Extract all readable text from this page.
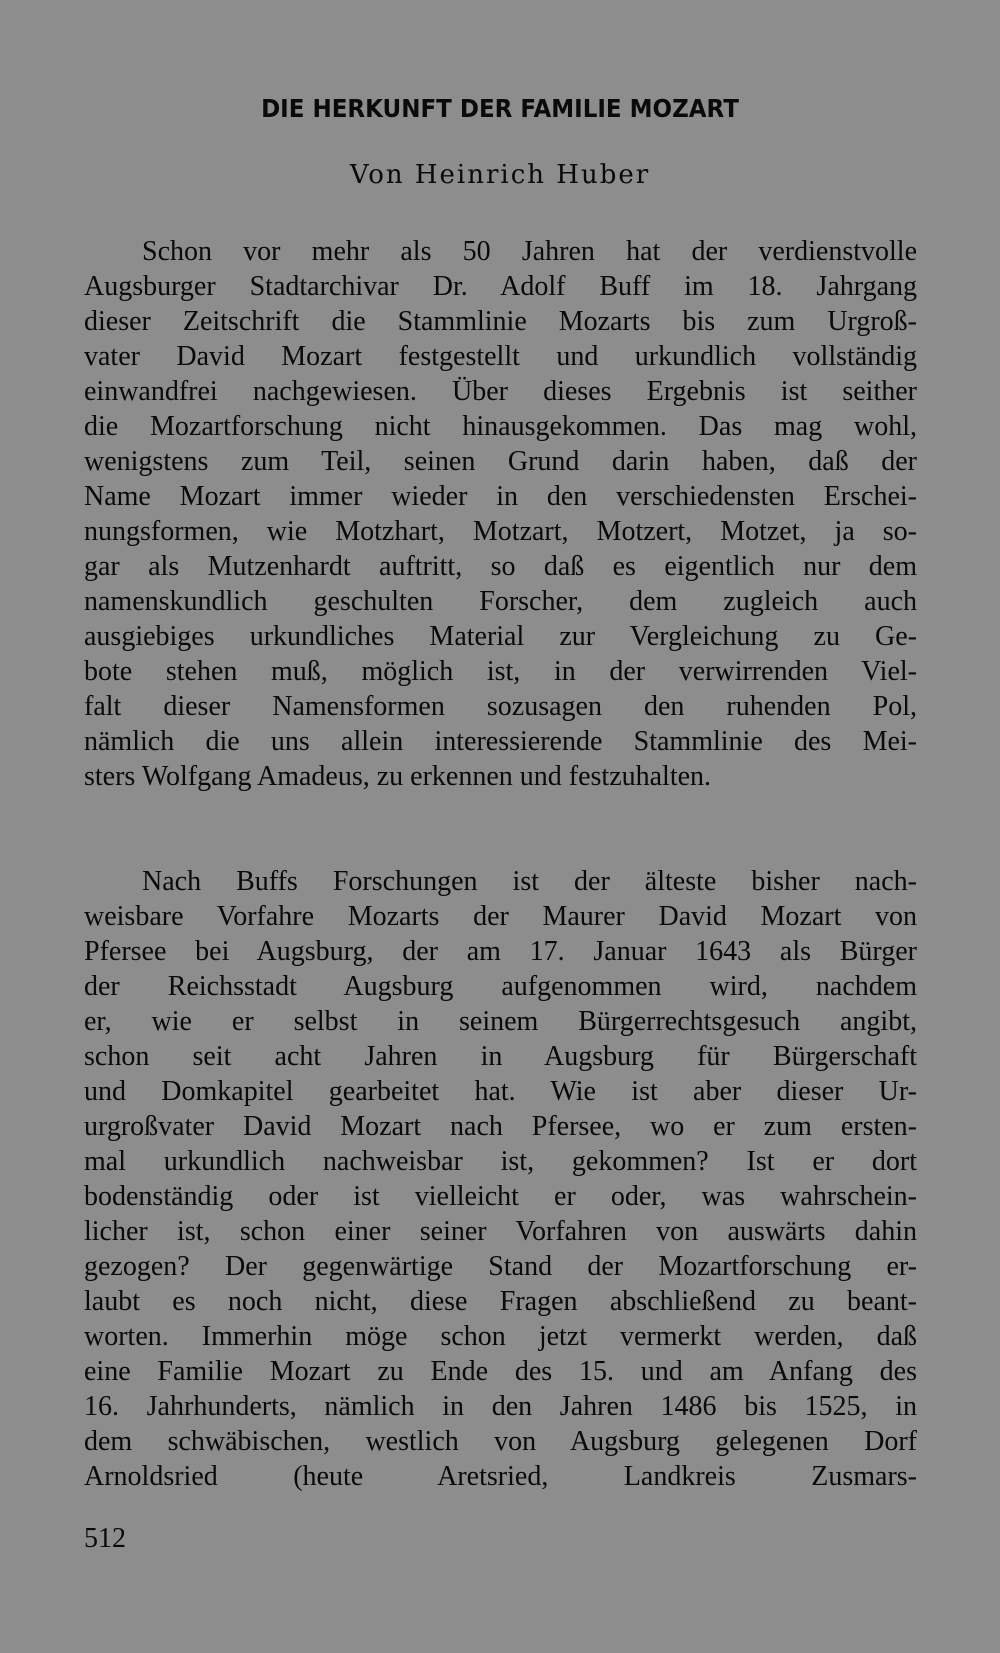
DIE HERKUNFT DER FAMILIE MOZART
Von Heinrich Huber
Schon vor mehr als 50 Jahren hat der verdienstvolle
Augsburger Stadtarchivar Dr. Adolf Buff im 18. Jahrgang
dieser Zeitschrift die Stammlinie Mozarts bis zum Urgroß-
vater David Mozart festgestellt und urkundlich vollständig
einwandfrei nachgewiesen. Über dieses Ergebnis ist seither
die Mozartforschung nicht hinausgekommen. Das mag wohl,
wenigstens zum Teil, seinen Grund darin haben, daß der
Name Mozart immer wieder in den verschiedensten Erschei-
nungsformen, wie Motzhart, Motzart, Motzert, Motzet, ja so-
gar als Mutzenhardt auftritt, so daß es eigentlich nur dem
namenskundlich geschulten Forscher, dem zugleich auch
ausgiebiges urkundliches Material zur Vergleichung zu Ge-
bote stehen muß, möglich ist, in der verwirrenden Viel-
falt dieser Namensformen sozusagen den ruhenden Pol,
nämlich die uns allein interessierende Stammlinie des Mei-
sters Wolfgang Amadeus, zu erkennen und festzuhalten.
Nach Buffs Forschungen ist der älteste bisher nach-
weisbare Vorfahre Mozarts der Maurer David Mozart von
Pfersee bei Augsburg, der am 17. Januar 1643 als Bürger
der Reichsstadt Augsburg aufgenommen wird, nachdem
er, wie er selbst in seinem Bürgerrechtsgesuch angibt,
schon seit acht Jahren in Augsburg für Bürgerschaft
und Domkapitel gearbeitet hat. Wie ist aber dieser Ur-
urgroßvater David Mozart nach Pfersee, wo er zum ersten-
mal urkundlich nachweisbar ist, gekommen? Ist er dort
bodenständig oder ist vielleicht er oder, was wahrschein-
licher ist, schon einer seiner Vorfahren von auswärts dahin
gezogen? Der gegenwärtige Stand der Mozartforschung er-
laubt es noch nicht, diese Fragen abschließend zu beant-
worten. Immerhin möge schon jetzt vermerkt werden, daß
eine Familie Mozart zu Ende des 15. und am Anfang des
16. Jahrhunderts, nämlich in den Jahren 1486 bis 1525, in
dem schwäbischen, westlich von Augsburg gelegenen Dorf
Arnoldsried (heute Aretsried, Landkreis Zusmars-
512
